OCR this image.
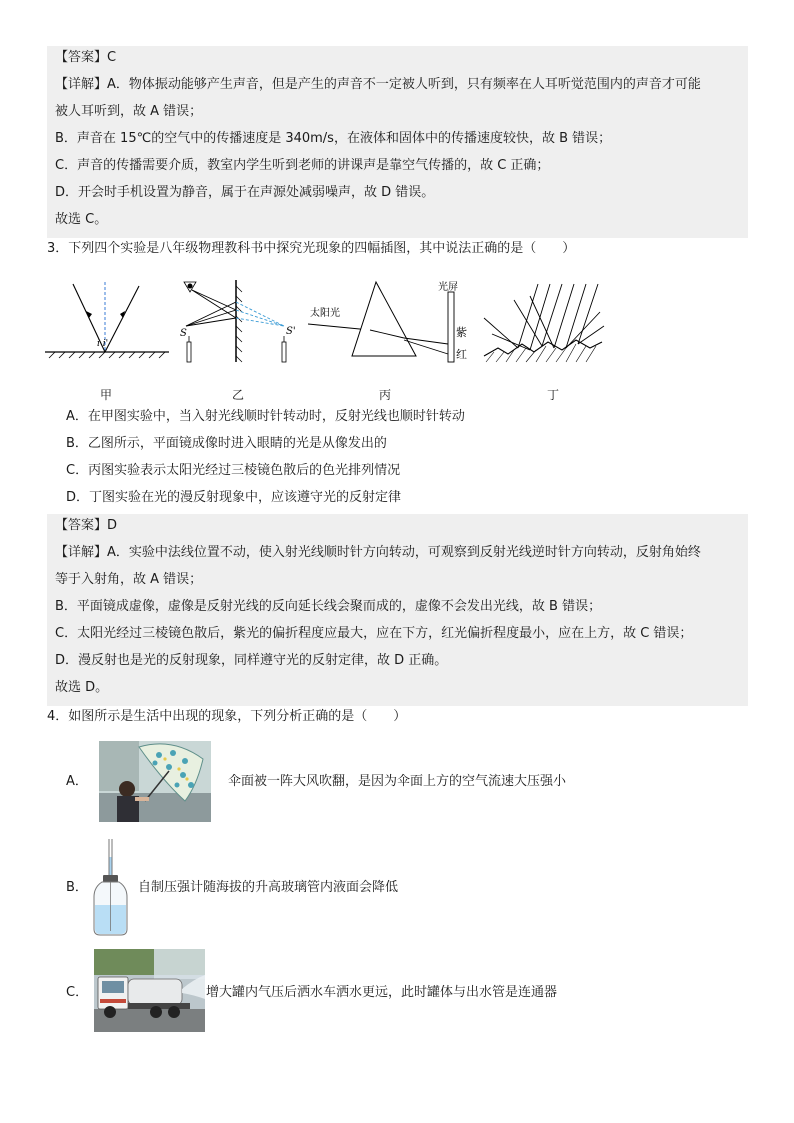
【答案】C
【详解】A．物体振动能够产生声音，但是产生的声音不一定被人听到，只有频率在人耳听觉范围内的声音才可能
被人耳听到，故 A 错误；
B．声音在 15℃的空气中的传播速度是 340m/s，在液体和固体中的传播速度较快，故 B 错误；
C．声音的传播需要介质，教室内学生听到老师的讲课声是靠空气传播的，故 C 正确；
D．开会时手机设置为静音，属于在声源处减弱噪声，故 D 错误。
故选 C。
3．下列四个实验是八年级物理教科书中探究光现象的四幅插图，其中说法正确的是（　　）
i i'
S	S'
太阳光
光屏
紫
红
甲	乙	丙	丁
A．在甲图实验中，当入射光线顺时针转动时，反射光线也顺时针转动
B．乙图所示，平面镜成像时进入眼睛的光是从像发出的
C．丙图实验表示太阳光经过三棱镜色散后的色光排列情况
D．丁图实验在光的漫反射现象中，应该遵守光的反射定律
【答案】D
【详解】A．实验中法线位置不动，使入射光线顺时针方向转动，可观察到反射光线逆时针方向转动，反射角始终
等于入射角，故 A 错误；
B．平面镜成虚像，虚像是反射光线的反向延长线会聚而成的，虚像不会发出光线，故 B 错误；
C．太阳光经过三棱镜色散后，紫光的偏折程度应最大，应在下方，红光偏折程度最小，应在上方，故 C 错误；
D．漫反射也是光的反射现象，同样遵守光的反射定律，故 D 正确。
故选 D。
4．如图所示是生活中出现的现象，下列分析正确的是（　　）
A．	伞面被一阵大风吹翻，是因为伞面上方的空气流速大压强小
B．	自制压强计随海拔的升高玻璃管内液面会降低
C．	增大罐内气压后洒水车洒水更远，此时罐体与出水管是连通器
